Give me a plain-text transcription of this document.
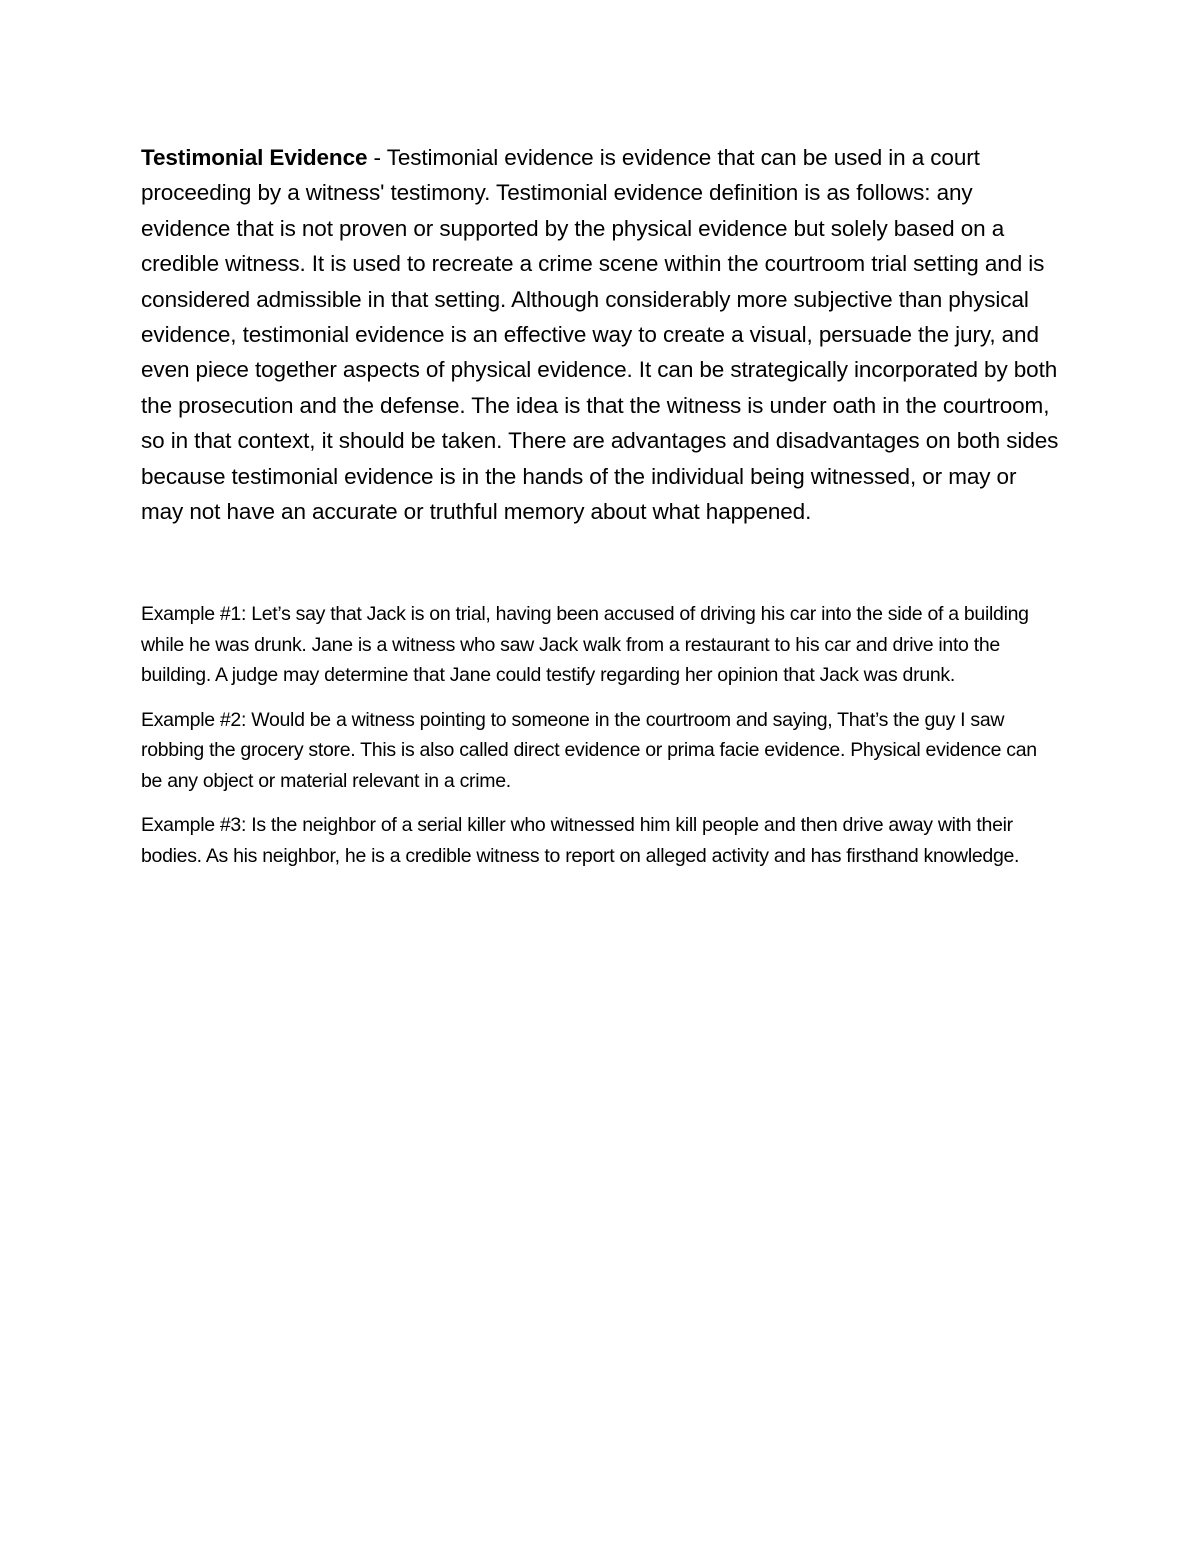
Testimonial Evidence - Testimonial evidence is evidence that can be used in a court proceeding by a witness' testimony. Testimonial evidence definition is as follows: any evidence that is not proven or supported by the physical evidence but solely based on a credible witness. It is used to recreate a crime scene within the courtroom trial setting and is considered admissible in that setting. Although considerably more subjective than physical evidence, testimonial evidence is an effective way to create a visual, persuade the jury, and even piece together aspects of physical evidence. It can be strategically incorporated by both the prosecution and the defense. The idea is that the witness is under oath in the courtroom, so in that context, it should be taken. There are advantages and disadvantages on both sides because testimonial evidence is in the hands of the individual being witnessed, or may or may not have an accurate or truthful memory about what happened.

Example #1: Let’s say that Jack is on trial, having been accused of driving his car into the side of a building while he was drunk. Jane is a witness who saw Jack walk from a restaurant to his car and drive into the building. A judge may determine that Jane could testify regarding her opinion that Jack was drunk.

Example #2: Would be a witness pointing to someone in the courtroom and saying, That’s the guy I saw robbing the grocery store. This is also called direct evidence or prima facie evidence. Physical evidence can be any object or material relevant in a crime.

Example #3: Is the neighbor of a serial killer who witnessed him kill people and then drive away with their bodies. As his neighbor, he is a credible witness to report on alleged activity and has firsthand knowledge.
